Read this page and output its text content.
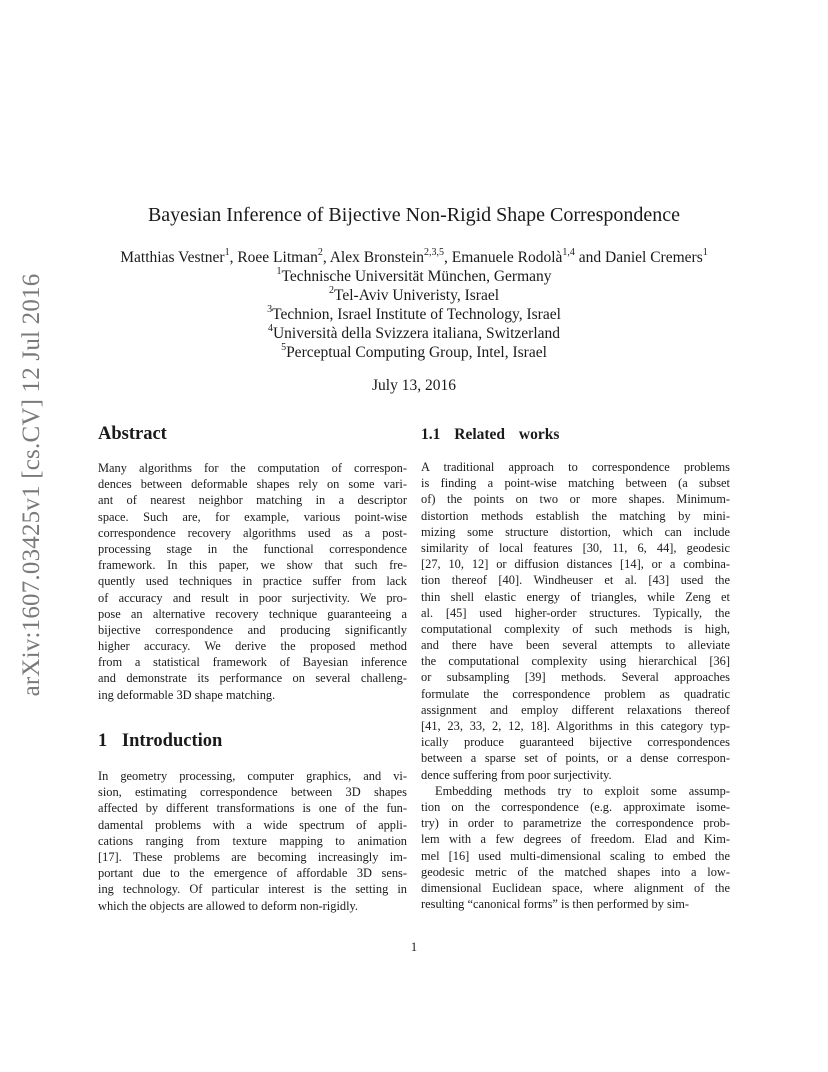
arXiv:1607.03425v1 [cs.CV] 12 Jul 2016
Bayesian Inference of Bijective Non-Rigid Shape Correspondence
Matthias Vestner$^1$, Roee Litman$^2$, Alex Bronstein$^{2,3,5}$, Emanuele Rodolà$^{1,4}$ and Daniel Cremers$^1$
$^1$Technische Universität München, Germany
$^2$Tel-Aviv Univeristy, Israel
$^3$Technion, Israel Institute of Technology, Israel
$^4$Università della Svizzera italiana, Switzerland
$^5$Perceptual Computing Group, Intel, Israel
July 13, 2016
Abstract
Many algorithms for the computation of correspon-
dences between deformable shapes rely on some vari-
ant of nearest neighbor matching in a descriptor
space. Such are, for example, various point-wise
correspondence recovery algorithms used as a post-
processing stage in the functional correspondence
framework. In this paper, we show that such fre-
quently used techniques in practice suffer from lack
of accuracy and result in poor surjectivity. We pro-
pose an alternative recovery technique guaranteeing a
bijective correspondence and producing significantly
higher accuracy. We derive the proposed method
from a statistical framework of Bayesian inference
and demonstrate its performance on several challeng-
ing deformable 3D shape matching.
1 Introduction
In geometry processing, computer graphics, and vi-
sion, estimating correspondence between 3D shapes
affected by different transformations is one of the fun-
damental problems with a wide spectrum of appli-
cations ranging from texture mapping to animation
[17]. These problems are becoming increasingly im-
portant due to the emergence of affordable 3D sens-
ing technology. Of particular interest is the setting in
which the objects are allowed to deform non-rigidly.
1.1 Related works
A traditional approach to correspondence problems
is finding a point-wise matching between (a subset
of) the points on two or more shapes. Minimum-
distortion methods establish the matching by mini-
mizing some structure distortion, which can include
similarity of local features [30, 11, 6, 44], geodesic
[27, 10, 12] or diffusion distances [14], or a combina-
tion thereof [40]. Windheuser et al. [43] used the
thin shell elastic energy of triangles, while Zeng et
al. [45] used higher-order structures. Typically, the
computational complexity of such methods is high,
and there have been several attempts to alleviate
the computational complexity using hierarchical [36]
or subsampling [39] methods. Several approaches
formulate the correspondence problem as quadratic
assignment and employ different relaxations thereof
[41, 23, 33, 2, 12, 18]. Algorithms in this category typ-
ically produce guaranteed bijective correspondences
between a sparse set of points, or a dense correspon-
dence suffering from poor surjectivity.
Embedding methods try to exploit some assump-
tion on the correspondence (e.g. approximate isome-
try) in order to parametrize the correspondence prob-
lem with a few degrees of freedom. Elad and Kim-
mel [16] used multi-dimensional scaling to embed the
geodesic metric of the matched shapes into a low-
dimensional Euclidean space, where alignment of the
resulting “canonical forms” is then performed by sim-
1
